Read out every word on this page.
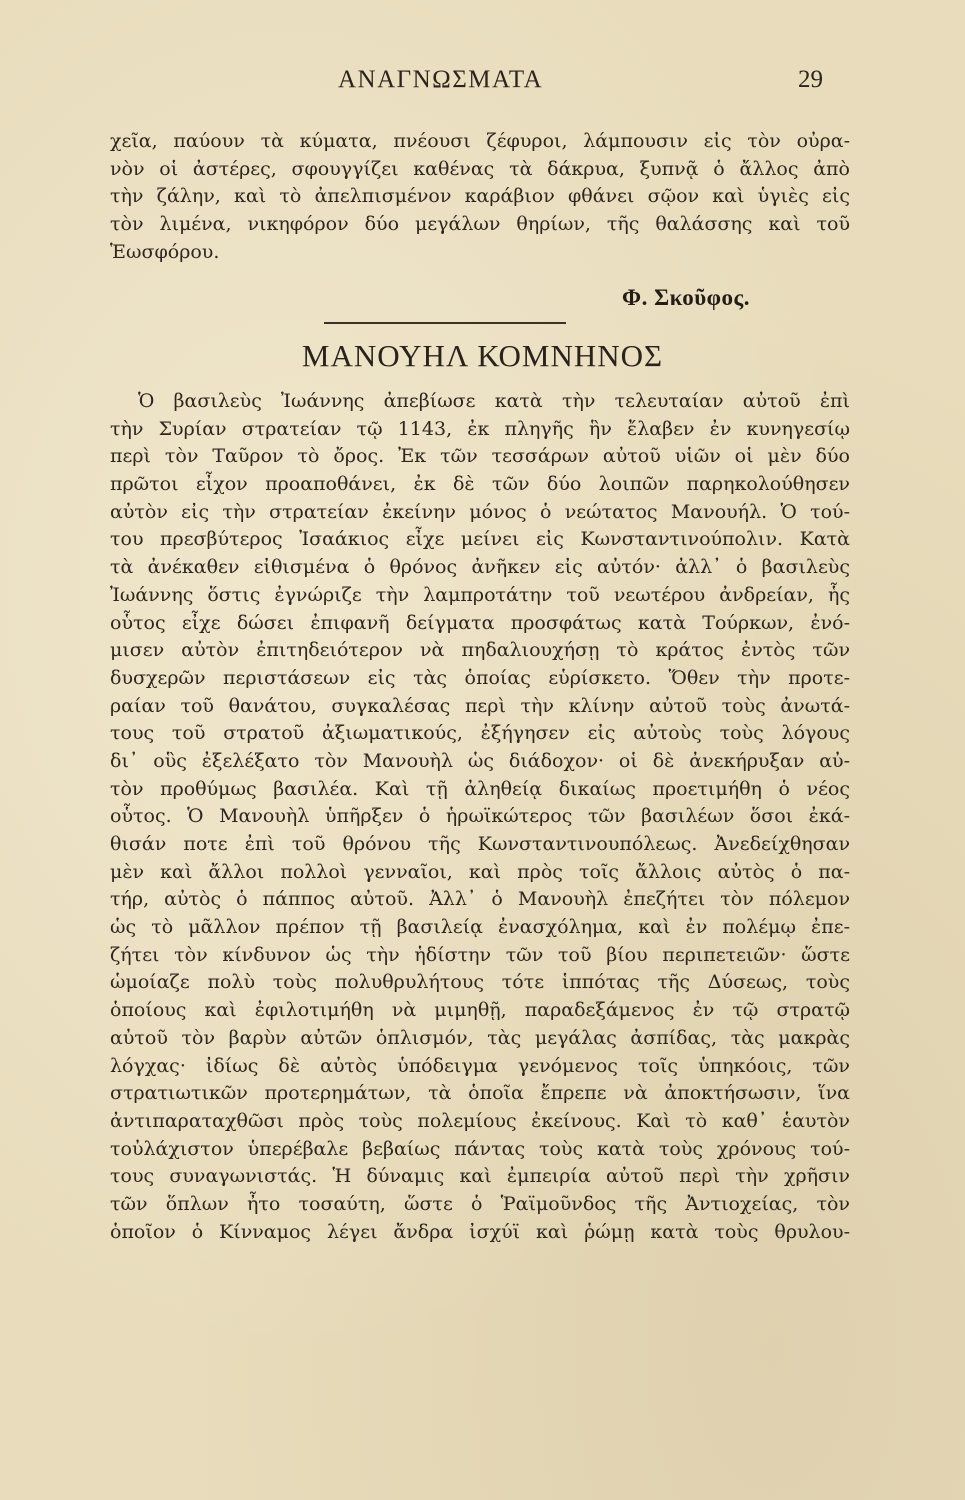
ΑΝΑΓΝΩΣΜΑΤΑ	29
χεῖα, παύουν τὰ κύματα, πνέουσι ζέφυροι, λάμπουσιν εἰς τὸν οὐρα-
νὸν οἱ ἀστέρες, σφουγγίζει καθένας τὰ δάκρυα, ξυπνᾷ ὁ ἄλλος ἀπὸ
τὴν ζάλην, καὶ τὸ ἀπελπισμένον καράβιον φθάνει σῷον καὶ ὑγιὲς εἰς
τὸν λιμένα, νικηφόρον δύο μεγάλων θηρίων, τῆς θαλάσσης καὶ τοῦ
Ἑωσφόρου.
Φ. Σκοῦφος.
ΜΑΝΟΥΗΛ ΚΟΜΝΗΝΟΣ
Ὁ βασιλεὺς Ἰωάννης ἀπεβίωσε κατὰ τὴν τελευταίαν αὐτοῦ ἐπὶ
τὴν Συρίαν στρατείαν τῷ 1143, ἐκ πληγῆς ἣν ἔλαβεν ἐν κυνηγεσίῳ
περὶ τὸν Ταῦρον τὸ ὄρος. Ἐκ τῶν τεσσάρων αὐτοῦ υἱῶν οἱ μὲν δύο
πρῶτοι εἶχον προαποθάνει, ἐκ δὲ τῶν δύο λοιπῶν παρηκολούθησεν
αὐτὸν εἰς τὴν στρατείαν ἐκείνην μόνος ὁ νεώτατος Μανουήλ. Ὁ τού-
του πρεσβύτερος Ἰσαάκιος εἶχε μείνει εἰς Κωνσταντινούπολιν. Κατὰ
τὰ ἀνέκαθεν εἰθισμένα ὁ θρόνος ἀνῆκεν εἰς αὐτόν· ἀλλ᾿ ὁ βασιλεὺς
Ἰωάννης ὅστις ἐγνώριζε τὴν λαμπροτάτην τοῦ νεωτέρου ἀνδρείαν, ἧς
οὗτος εἶχε δώσει ἐπιφανῆ δείγματα προσφάτως κατὰ Τούρκων, ἐνό-
μισεν αὐτὸν ἐπιτηδειότερον νὰ πηδαλιουχήσῃ τὸ κράτος ἐντὸς τῶν
δυσχερῶν περιστάσεων εἰς τὰς ὁποίας εὑρίσκετο. Ὅθεν τὴν προτε-
ραίαν τοῦ θανάτου, συγκαλέσας περὶ τὴν κλίνην αὐτοῦ τοὺς ἀνωτά-
τους τοῦ στρατοῦ ἀξιωματικούς, ἐξήγησεν εἰς αὐτοὺς τοὺς λόγους
δι᾿ οὓς ἐξελέξατο τὸν Μανουὴλ ὡς διάδοχον· οἱ δὲ ἀνεκήρυξαν αὐ-
τὸν προθύμως βασιλέα. Καὶ τῇ ἀληθείᾳ δικαίως προετιμήθη ὁ νέος
οὗτος. Ὁ Μανουὴλ ὑπῆρξεν ὁ ἡρωϊκώτερος τῶν βασιλέων ὅσοι ἐκά-
θισάν ποτε ἐπὶ τοῦ θρόνου τῆς Κωνσταντινουπόλεως. Ἀνεδείχθησαν
μὲν καὶ ἄλλοι πολλοὶ γενναῖοι, καὶ πρὸς τοῖς ἄλλοις αὐτὸς ὁ πα-
τήρ, αὐτὸς ὁ πάππος αὐτοῦ. Ἀλλ᾿ ὁ Μανουὴλ ἐπεζήτει τὸν πόλεμον
ὡς τὸ μᾶλλον πρέπον τῇ βασιλείᾳ ἐνασχόλημα, καὶ ἐν πολέμῳ ἐπε-
ζήτει τὸν κίνδυνον ὡς τὴν ἡδίστην τῶν τοῦ βίου περιπετειῶν· ὥστε
ὡμοίαζε πολὺ τοὺς πολυθρυλήτους τότε ἱππότας τῆς Δύσεως, τοὺς
ὁποίους καὶ ἐφιλοτιμήθη νὰ μιμηθῇ, παραδεξάμενος ἐν τῷ στρατῷ
αὐτοῦ τὸν βαρὺν αὐτῶν ὁπλισμόν, τὰς μεγάλας ἀσπίδας, τὰς μακρὰς
λόγχας· ἰδίως δὲ αὐτὸς ὑπόδειγμα γενόμενος τοῖς ὑπηκόοις, τῶν
στρατιωτικῶν προτερημάτων, τὰ ὁποῖα ἔπρεπε νὰ ἀποκτήσωσιν, ἵνα
ἀντιπαραταχθῶσι πρὸς τοὺς πολεμίους ἐκείνους. Καὶ τὸ καθ᾿ ἑαυτὸν
τοὐλάχιστον ὑπερέβαλε βεβαίως πάντας τοὺς κατὰ τοὺς χρόνους τού-
τους συναγωνιστάς. Ἡ δύναμις καὶ ἐμπειρία αὐτοῦ περὶ τὴν χρῆσιν
τῶν ὅπλων ἦτο τοσαύτη, ὥστε ὁ Ῥαϊμοῦνδος τῆς Ἀντιοχείας, τὸν
ὁποῖον ὁ Κίνναμος λέγει ἄνδρα ἰσχύϊ καὶ ῥώμῃ κατὰ τοὺς θρυλου-
